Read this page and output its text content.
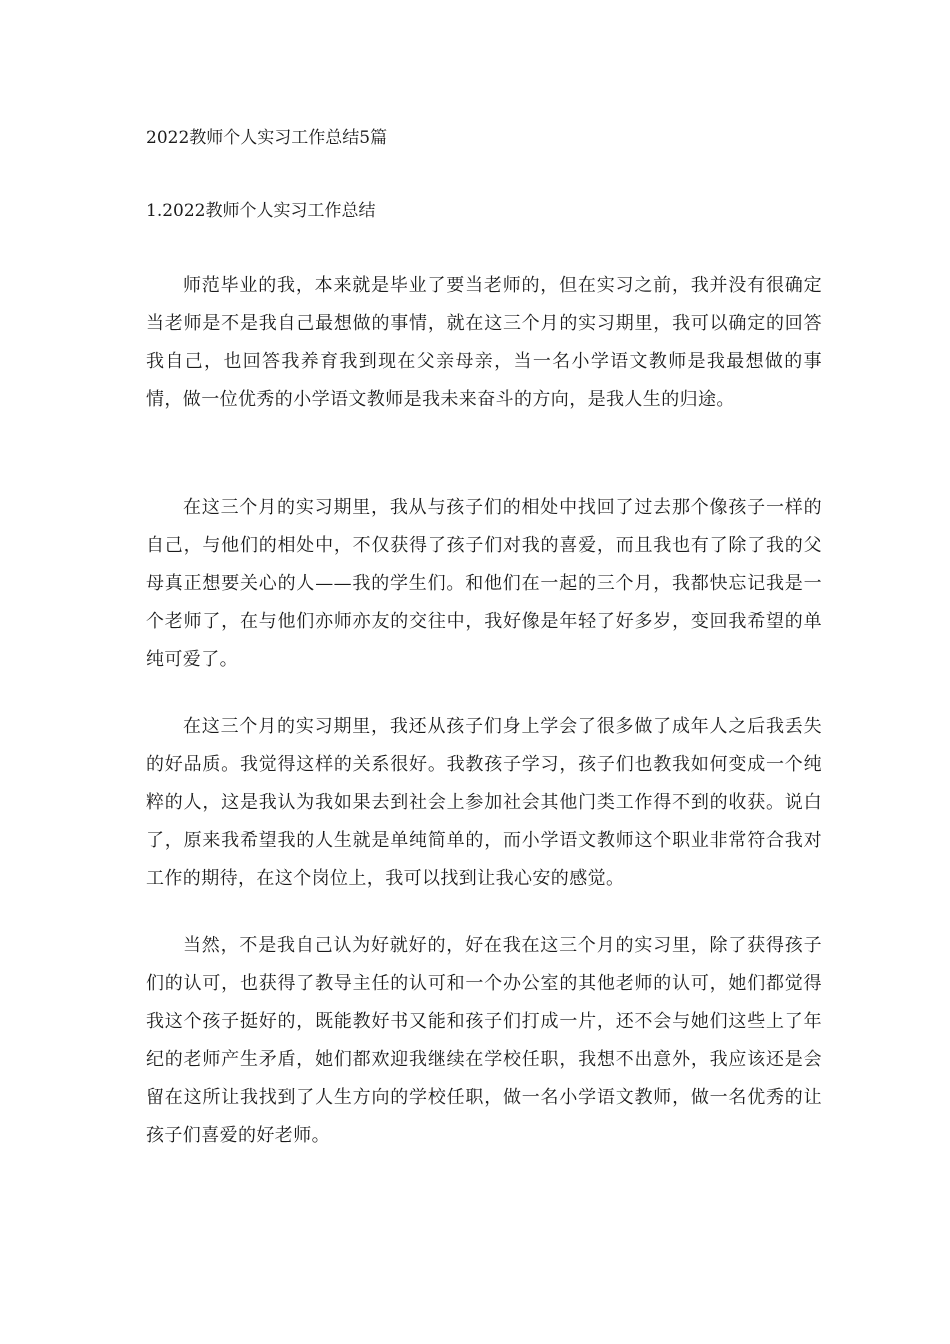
2022教师个人实习工作总结5篇
1.2022教师个人实习工作总结

师范毕业的我，本来就是毕业了要当老师的，但在实习之前，我并没有很确定当老师是不是我自己最想做的事情，就在这三个月的实习期里，我可以确定的回答我自己，也回答我养育我到现在父亲母亲，当一名小学语文教师是我最想做的事情，做一位优秀的小学语文教师是我未来奋斗的方向，是我人生的归途。

在这三个月的实习期里，我从与孩子们的相处中找回了过去那个像孩子一样的自己，与他们的相处中，不仅获得了孩子们对我的喜爱，而且我也有了除了我的父母真正想要关心的人——我的学生们。和他们在一起的三个月，我都快忘记我是一个老师了，在与他们亦师亦友的交往中，我好像是年轻了好多岁，变回我希望的单纯可爱了。

在这三个月的实习期里，我还从孩子们身上学会了很多做了成年人之后我丢失的好品质。我觉得这样的关系很好。我教孩子学习，孩子们也教我如何变成一个纯粹的人，这是我认为我如果去到社会上参加社会其他门类工作得不到的收获。说白了，原来我希望我的人生就是单纯简单的，而小学语文教师这个职业非常符合我对工作的期待，在这个岗位上，我可以找到让我心安的感觉。

当然，不是我自己认为好就好的，好在我在这三个月的实习里，除了获得孩子们的认可，也获得了教导主任的认可和一个办公室的其他老师的认可，她们都觉得我这个孩子挺好的，既能教好书又能和孩子们打成一片，还不会与她们这些上了年纪的老师产生矛盾，她们都欢迎我继续在学校任职，我想不出意外，我应该还是会留在这所让我找到了人生方向的学校任职，做一名小学语文教师，做一名优秀的让孩子们喜爱的好老师。
